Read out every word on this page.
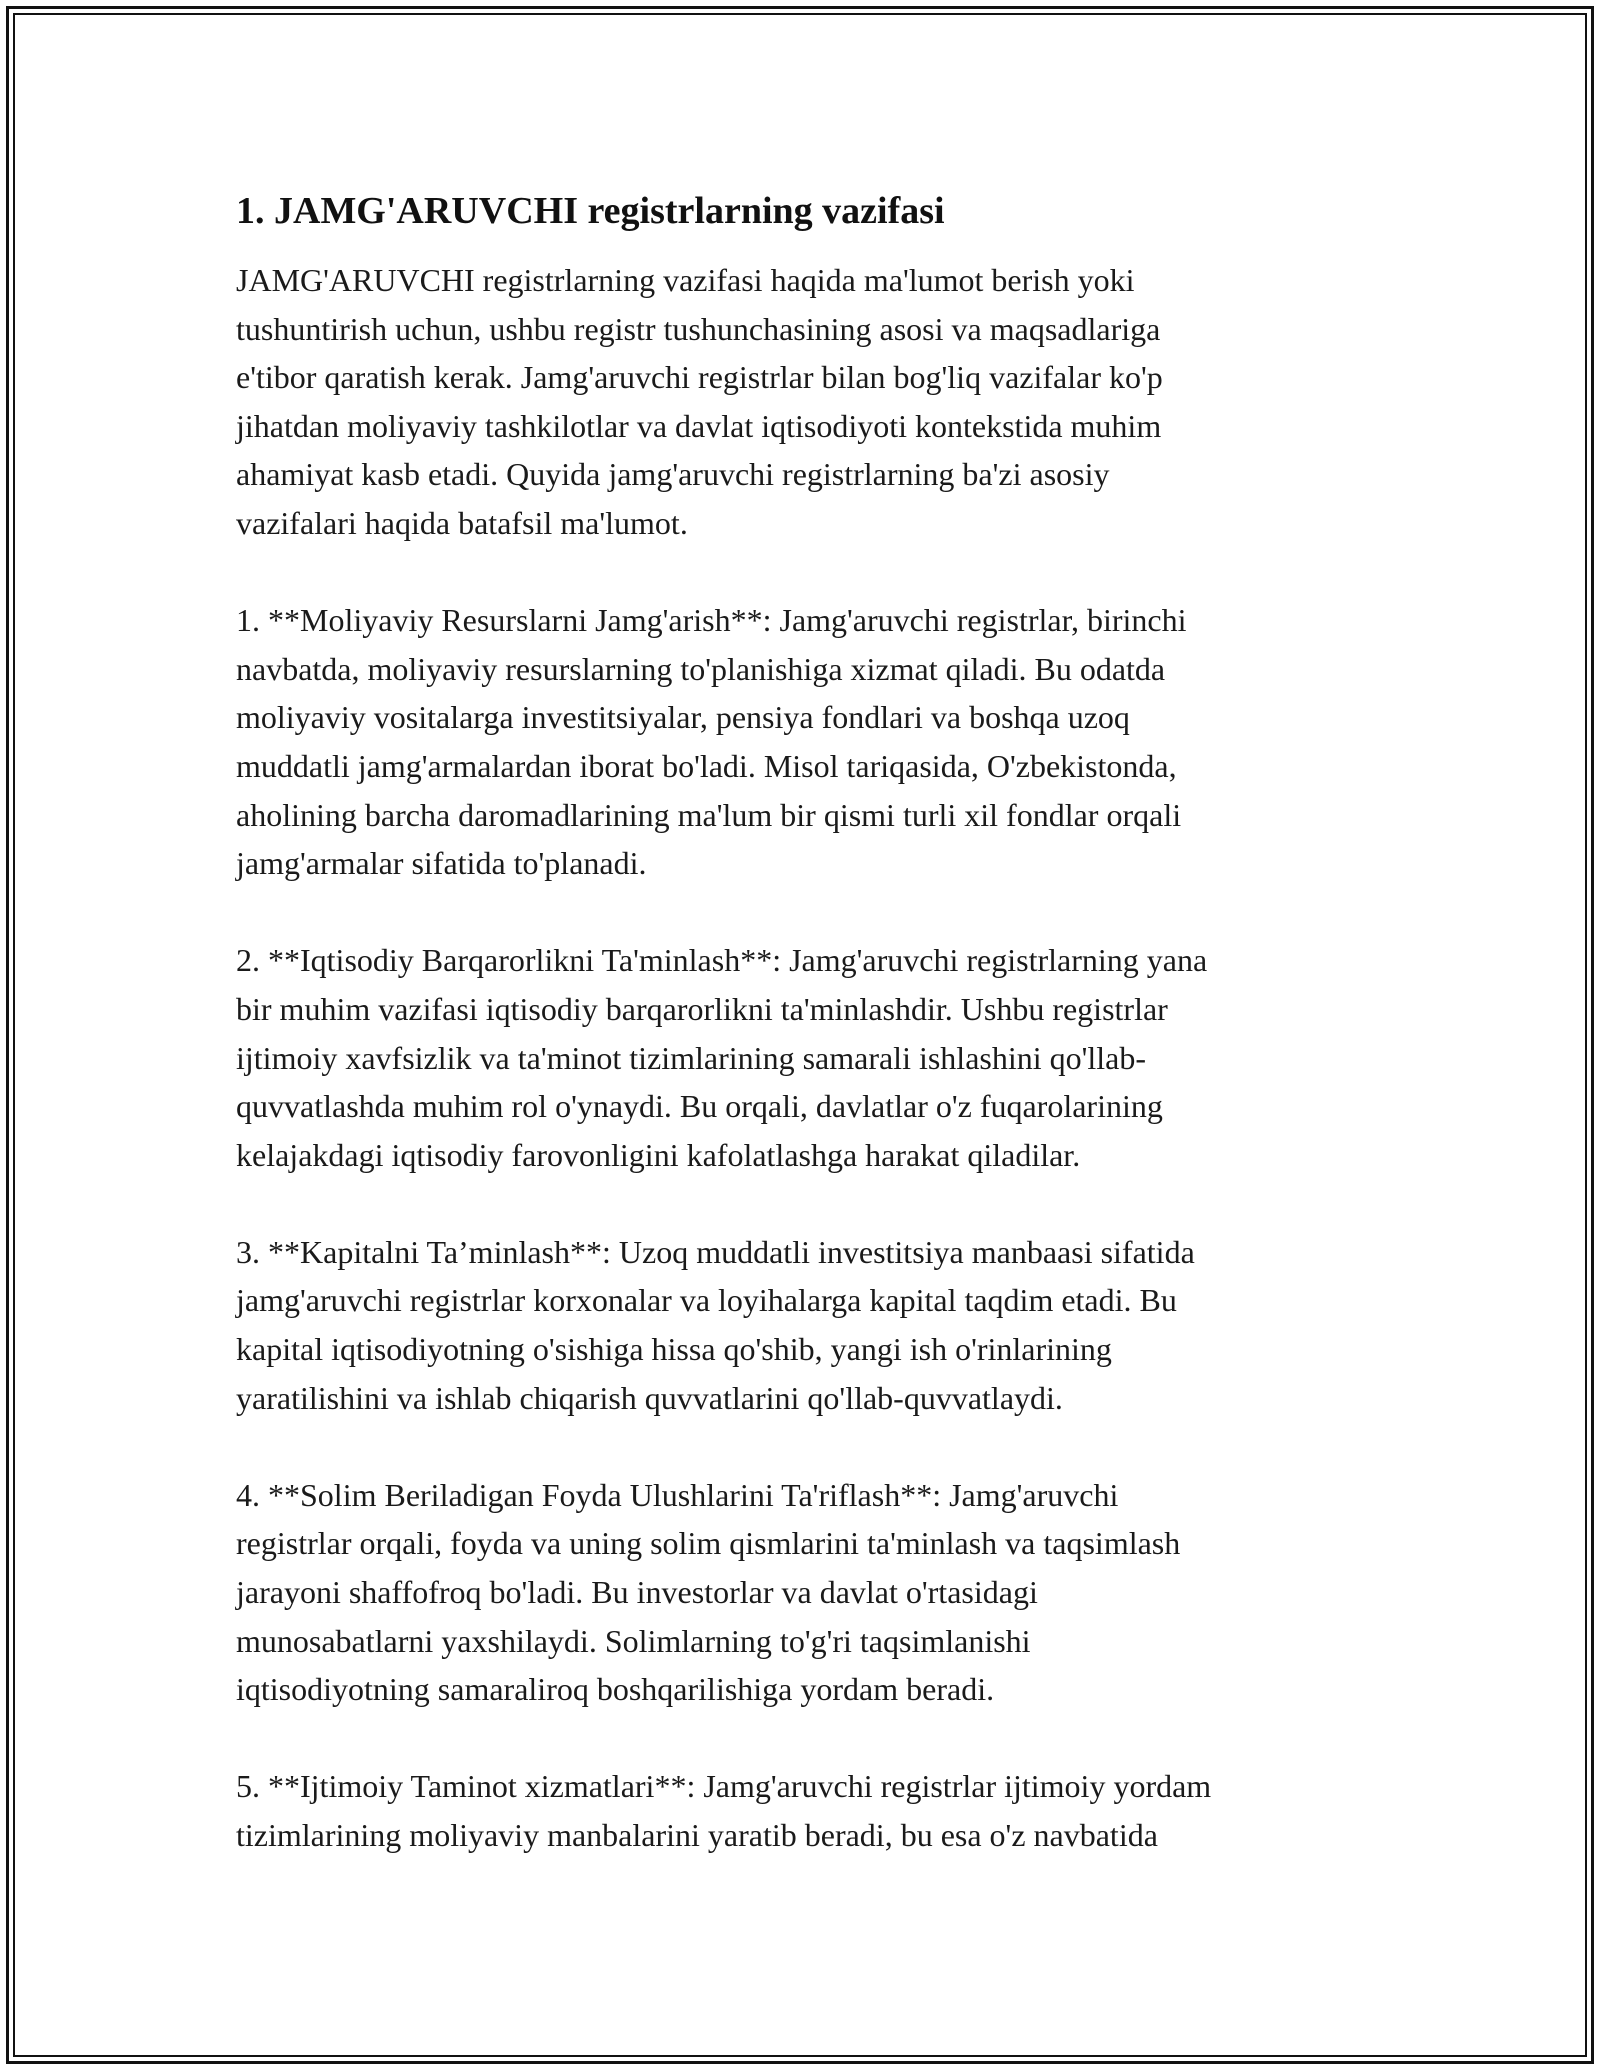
1. JAMG'ARUVCHI registrlarning vazifasi

JAMG'ARUVCHI registrlarning vazifasi haqida ma'lumot berish yoki
tushuntirish uchun, ushbu registr tushunchasining asosi va maqsadlariga
e'tibor qaratish kerak. Jamg'aruvchi registrlar bilan bog'liq vazifalar ko'p
jihatdan moliyaviy tashkilotlar va davlat iqtisodiyoti kontekstida muhim
ahamiyat kasb etadi. Quyida jamg'aruvchi registrlarning ba'zi asosiy
vazifalari haqida batafsil ma'lumot.

1. **Moliyaviy Resurslarni Jamg'arish**: Jamg'aruvchi registrlar, birinchi
navbatda, moliyaviy resurslarning to'planishiga xizmat qiladi. Bu odatda
moliyaviy vositalarga investitsiyalar, pensiya fondlari va boshqa uzoq
muddatli jamg'armalardan iborat bo'ladi. Misol tariqasida, O'zbekistonda,
aholining barcha daromadlarining ma'lum bir qismi turli xil fondlar orqali
jamg'armalar sifatida to'planadi.

2. **Iqtisodiy Barqarorlikni Ta'minlash**: Jamg'aruvchi registrlarning yana
bir muhim vazifasi iqtisodiy barqarorlikni ta'minlashdir. Ushbu registrlar
ijtimoiy xavfsizlik va ta'minot tizimlarining samarali ishlashini qo'llab-
quvvatlashda muhim rol o'ynaydi. Bu orqali, davlatlar o'z fuqarolarining
kelajakdagi iqtisodiy farovonligini kafolatlashga harakat qiladilar.

3. **Kapitalni Ta’minlash**: Uzoq muddatli investitsiya manbaasi sifatida
jamg'aruvchi registrlar korxonalar va loyihalarga kapital taqdim etadi. Bu
kapital iqtisodiyotning o'sishiga hissa qo'shib, yangi ish o'rinlarining
yaratilishini va ishlab chiqarish quvvatlarini qo'llab-quvvatlaydi.

4. **Solim Beriladigan Foyda Ulushlarini Ta'riflash**: Jamg'aruvchi
registrlar orqali, foyda va uning solim qismlarini ta'minlash va taqsimlash
jarayoni shaffofroq bo'ladi. Bu investorlar va davlat o'rtasidagi
munosabatlarni yaxshilaydi. Solimlarning to'g'ri taqsimlanishi
iqtisodiyotning samaraliroq boshqarilishiga yordam beradi.

5. **Ijtimoiy Taminot xizmatlari**: Jamg'aruvchi registrlar ijtimoiy yordam
tizimlarining moliyaviy manbalarini yaratib beradi, bu esa o'z navbatida
